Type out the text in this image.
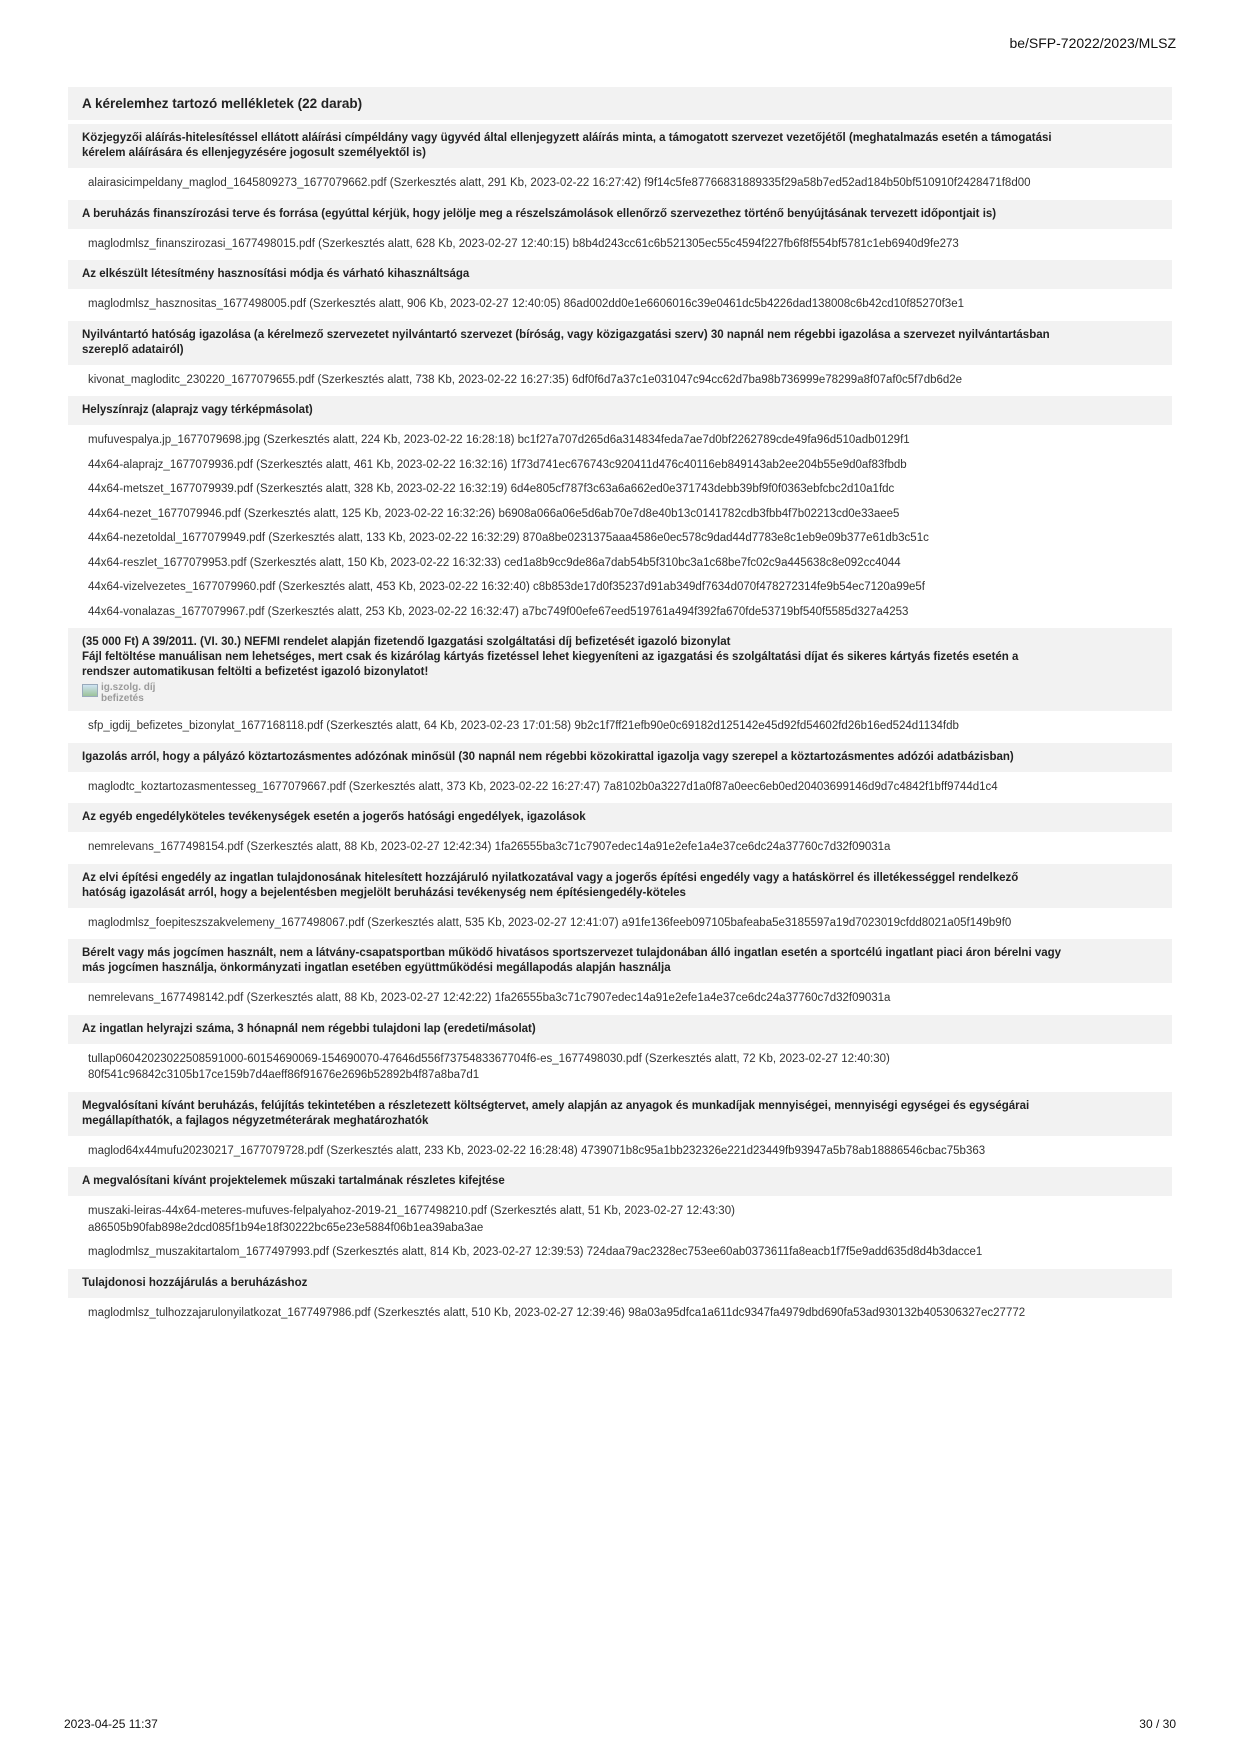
be/SFP-72022/2023/MLSZ
A kérelemhez tartozó mellékletek (22 darab)
Közjegyzői aláírás-hitelesítéssel ellátott aláírási címpéldány vagy ügyvéd által ellenjegyzett aláírás minta, a támogatott szervezet vezetőjétől (meghatalmazás esetén a támogatási
kérelem aláírására és ellenjegyzésére jogosult személyektől is)
alairasicimpeldany_maglod_1645809273_1677079662.pdf (Szerkesztés alatt, 291 Kb, 2023-02-22 16:27:42) f9f14c5fe87766831889335f29a58b7ed52ad184b50bf510910f2428471f8d00
A beruházás finanszírozási terve és forrása (egyúttal kérjük, hogy jelölje meg a részelszámolások ellenőrző szervezethez történő benyújtásának tervezett időpontjait is)
maglodmlsz_finanszirozasi_1677498015.pdf (Szerkesztés alatt, 628 Kb, 2023-02-27 12:40:15) b8b4d243cc61c6b521305ec55c4594f227fb6f8f554bf5781c1eb6940d9fe273
Az elkészült létesítmény hasznosítási módja és várható kihasználtsága
maglodmlsz_hasznositas_1677498005.pdf (Szerkesztés alatt, 906 Kb, 2023-02-27 12:40:05) 86ad002dd0e1e6606016c39e0461dc5b4226dad138008c6b42cd10f85270f3e1
Nyilvántartó hatóság igazolása (a kérelmező szervezetet nyilvántartó szervezet (bíróság, vagy közigazgatási szerv) 30 napnál nem régebbi igazolása a szervezet nyilvántartásban
szereplő adatairól)
kivonat_magloditc_230220_1677079655.pdf (Szerkesztés alatt, 738 Kb, 2023-02-22 16:27:35) 6df0f6d7a37c1e031047c94cc62d7ba98b736999e78299a8f07af0c5f7db6d2e
Helyszínrajz (alaprajz vagy térképmásolat)
mufuvespalya.jp_1677079698.jpg (Szerkesztés alatt, 224 Kb, 2023-02-22 16:28:18) bc1f27a707d265d6a314834feda7ae7d0bf2262789cde49fa96d510adb0129f1
44x64-alaprajz_1677079936.pdf (Szerkesztés alatt, 461 Kb, 2023-02-22 16:32:16) 1f73d741ec676743c920411d476c40116eb849143ab2ee204b55e9d0af83fbdb
44x64-metszet_1677079939.pdf (Szerkesztés alatt, 328 Kb, 2023-02-22 16:32:19) 6d4e805cf787f3c63a6a662ed0e371743debb39bf9f0f0363ebfcbc2d10a1fdc
44x64-nezet_1677079946.pdf (Szerkesztés alatt, 125 Kb, 2023-02-22 16:32:26) b6908a066a06e5d6ab70e7d8e40b13c0141782cdb3fbb4f7b02213cd0e33aee5
44x64-nezetoldal_1677079949.pdf (Szerkesztés alatt, 133 Kb, 2023-02-22 16:32:29) 870a8be0231375aaa4586e0ec578c9dad44d7783e8c1eb9e09b377e61db3c51c
44x64-reszlet_1677079953.pdf (Szerkesztés alatt, 150 Kb, 2023-02-22 16:32:33) ced1a8b9cc9de86a7dab54b5f310bc3a1c68be7fc02c9a445638c8e092cc4044
44x64-vizelvezetes_1677079960.pdf (Szerkesztés alatt, 453 Kb, 2023-02-22 16:32:40) c8b853de17d0f35237d91ab349df7634d070f478272314fe9b54ec7120a99e5f
44x64-vonalazas_1677079967.pdf (Szerkesztés alatt, 253 Kb, 2023-02-22 16:32:47) a7bc749f00efe67eed519761a494f392fa670fde53719bf540f5585d327a4253
(35 000 Ft) A 39/2011. (VI. 30.) NEFMI rendelet alapján fizetendő Igazgatási szolgáltatási díj befizetését igazoló bizonylat
Fájl feltöltése manuálisan nem lehetséges, mert csak és kizárólag kártyás fizetéssel lehet kiegyeníteni az igazgatási és szolgáltatási díjat és sikeres kártyás fizetés esetén a
rendszer automatikusan feltölti a befizetést igazoló bizonylatot!
ig.szolg. díj
befizetés
sfp_igdij_befizetes_bizonylat_1677168118.pdf (Szerkesztés alatt, 64 Kb, 2023-02-23 17:01:58) 9b2c1f7ff21efb90e0c69182d125142e45d92fd54602fd26b16ed524d1134fdb
Igazolás arról, hogy a pályázó köztartozásmentes adózónak minősül (30 napnál nem régebbi közokirattal igazolja vagy szerepel a köztartozásmentes adózói adatbázisban)
maglodtc_koztartozasmentesseg_1677079667.pdf (Szerkesztés alatt, 373 Kb, 2023-02-22 16:27:47) 7a8102b0a3227d1a0f87a0eec6eb0ed20403699146d9d7c4842f1bff9744d1c4
Az egyéb engedélyköteles tevékenységek esetén a jogerős hatósági engedélyek, igazolások
nemrelevans_1677498154.pdf (Szerkesztés alatt, 88 Kb, 2023-02-27 12:42:34) 1fa26555ba3c71c7907edec14a91e2efe1a4e37ce6dc24a37760c7d32f09031a
Az elvi építési engedély az ingatlan tulajdonosának hitelesített hozzájáruló nyilatkozatával vagy a jogerős építési engedély vagy a hatáskörrel és illetékességgel rendelkező
hatóság igazolását arról, hogy a bejelentésben megjelölt beruházási tevékenység nem építésiengedély-köteles
maglodmlsz_foepiteszszakvelemeny_1677498067.pdf (Szerkesztés alatt, 535 Kb, 2023-02-27 12:41:07) a91fe136feeb097105bafeaba5e3185597a19d7023019cfdd8021a05f149b9f0
Bérelt vagy más jogcímen használt, nem a látvány-csapatsportban működő hivatásos sportszervezet tulajdonában álló ingatlan esetén a sportcélú ingatlant piaci áron bérelni vagy
más jogcímen használja, önkormányzati ingatlan esetében együttműködési megállapodás alapján használja
nemrelevans_1677498142.pdf (Szerkesztés alatt, 88 Kb, 2023-02-27 12:42:22) 1fa26555ba3c71c7907edec14a91e2efe1a4e37ce6dc24a37760c7d32f09031a
Az ingatlan helyrajzi száma, 3 hónapnál nem régebbi tulajdoni lap (eredeti/másolat)
tullap06042023022508591000-60154690069-154690070-47646d556f7375483367704f6-es_1677498030.pdf (Szerkesztés alatt, 72 Kb, 2023-02-27 12:40:30)
80f541c96842c3105b17ce159b7d4aeff86f91676e2696b52892b4f87a8ba7d1
Megvalósítani kívánt beruházás, felújítás tekintetében a részletezett költségtervet, amely alapján az anyagok és munkadíjak mennyiségei, mennyiségi egységei és egységárai
megállapíthatók, a fajlagos négyzetméterárak meghatározhatók
maglod64x44mufu20230217_1677079728.pdf (Szerkesztés alatt, 233 Kb, 2023-02-22 16:28:48) 4739071b8c95a1bb232326e221d23449fb93947a5b78ab18886546cbac75b363
A megvalósítani kívánt projektelemek műszaki tartalmának részletes kifejtése
muszaki-leiras-44x64-meteres-mufuves-felpalyahoz-2019-21_1677498210.pdf (Szerkesztés alatt, 51 Kb, 2023-02-27 12:43:30)
a86505b90fab898e2dcd085f1b94e18f30222bc65e23e5884f06b1ea39aba3ae
maglodmlsz_muszakitartalom_1677497993.pdf (Szerkesztés alatt, 814 Kb, 2023-02-27 12:39:53) 724daa79ac2328ec753ee60ab0373611fa8eacb1f7f5e9add635d8d4b3dacce1
Tulajdonosi hozzájárulás a beruházáshoz
maglodmlsz_tulhozzajarulonyilatkozat_1677497986.pdf (Szerkesztés alatt, 510 Kb, 2023-02-27 12:39:46) 98a03a95dfca1a611dc9347fa4979dbd690fa53ad930132b405306327ec27772
2023-04-25 11:37	30 / 30
